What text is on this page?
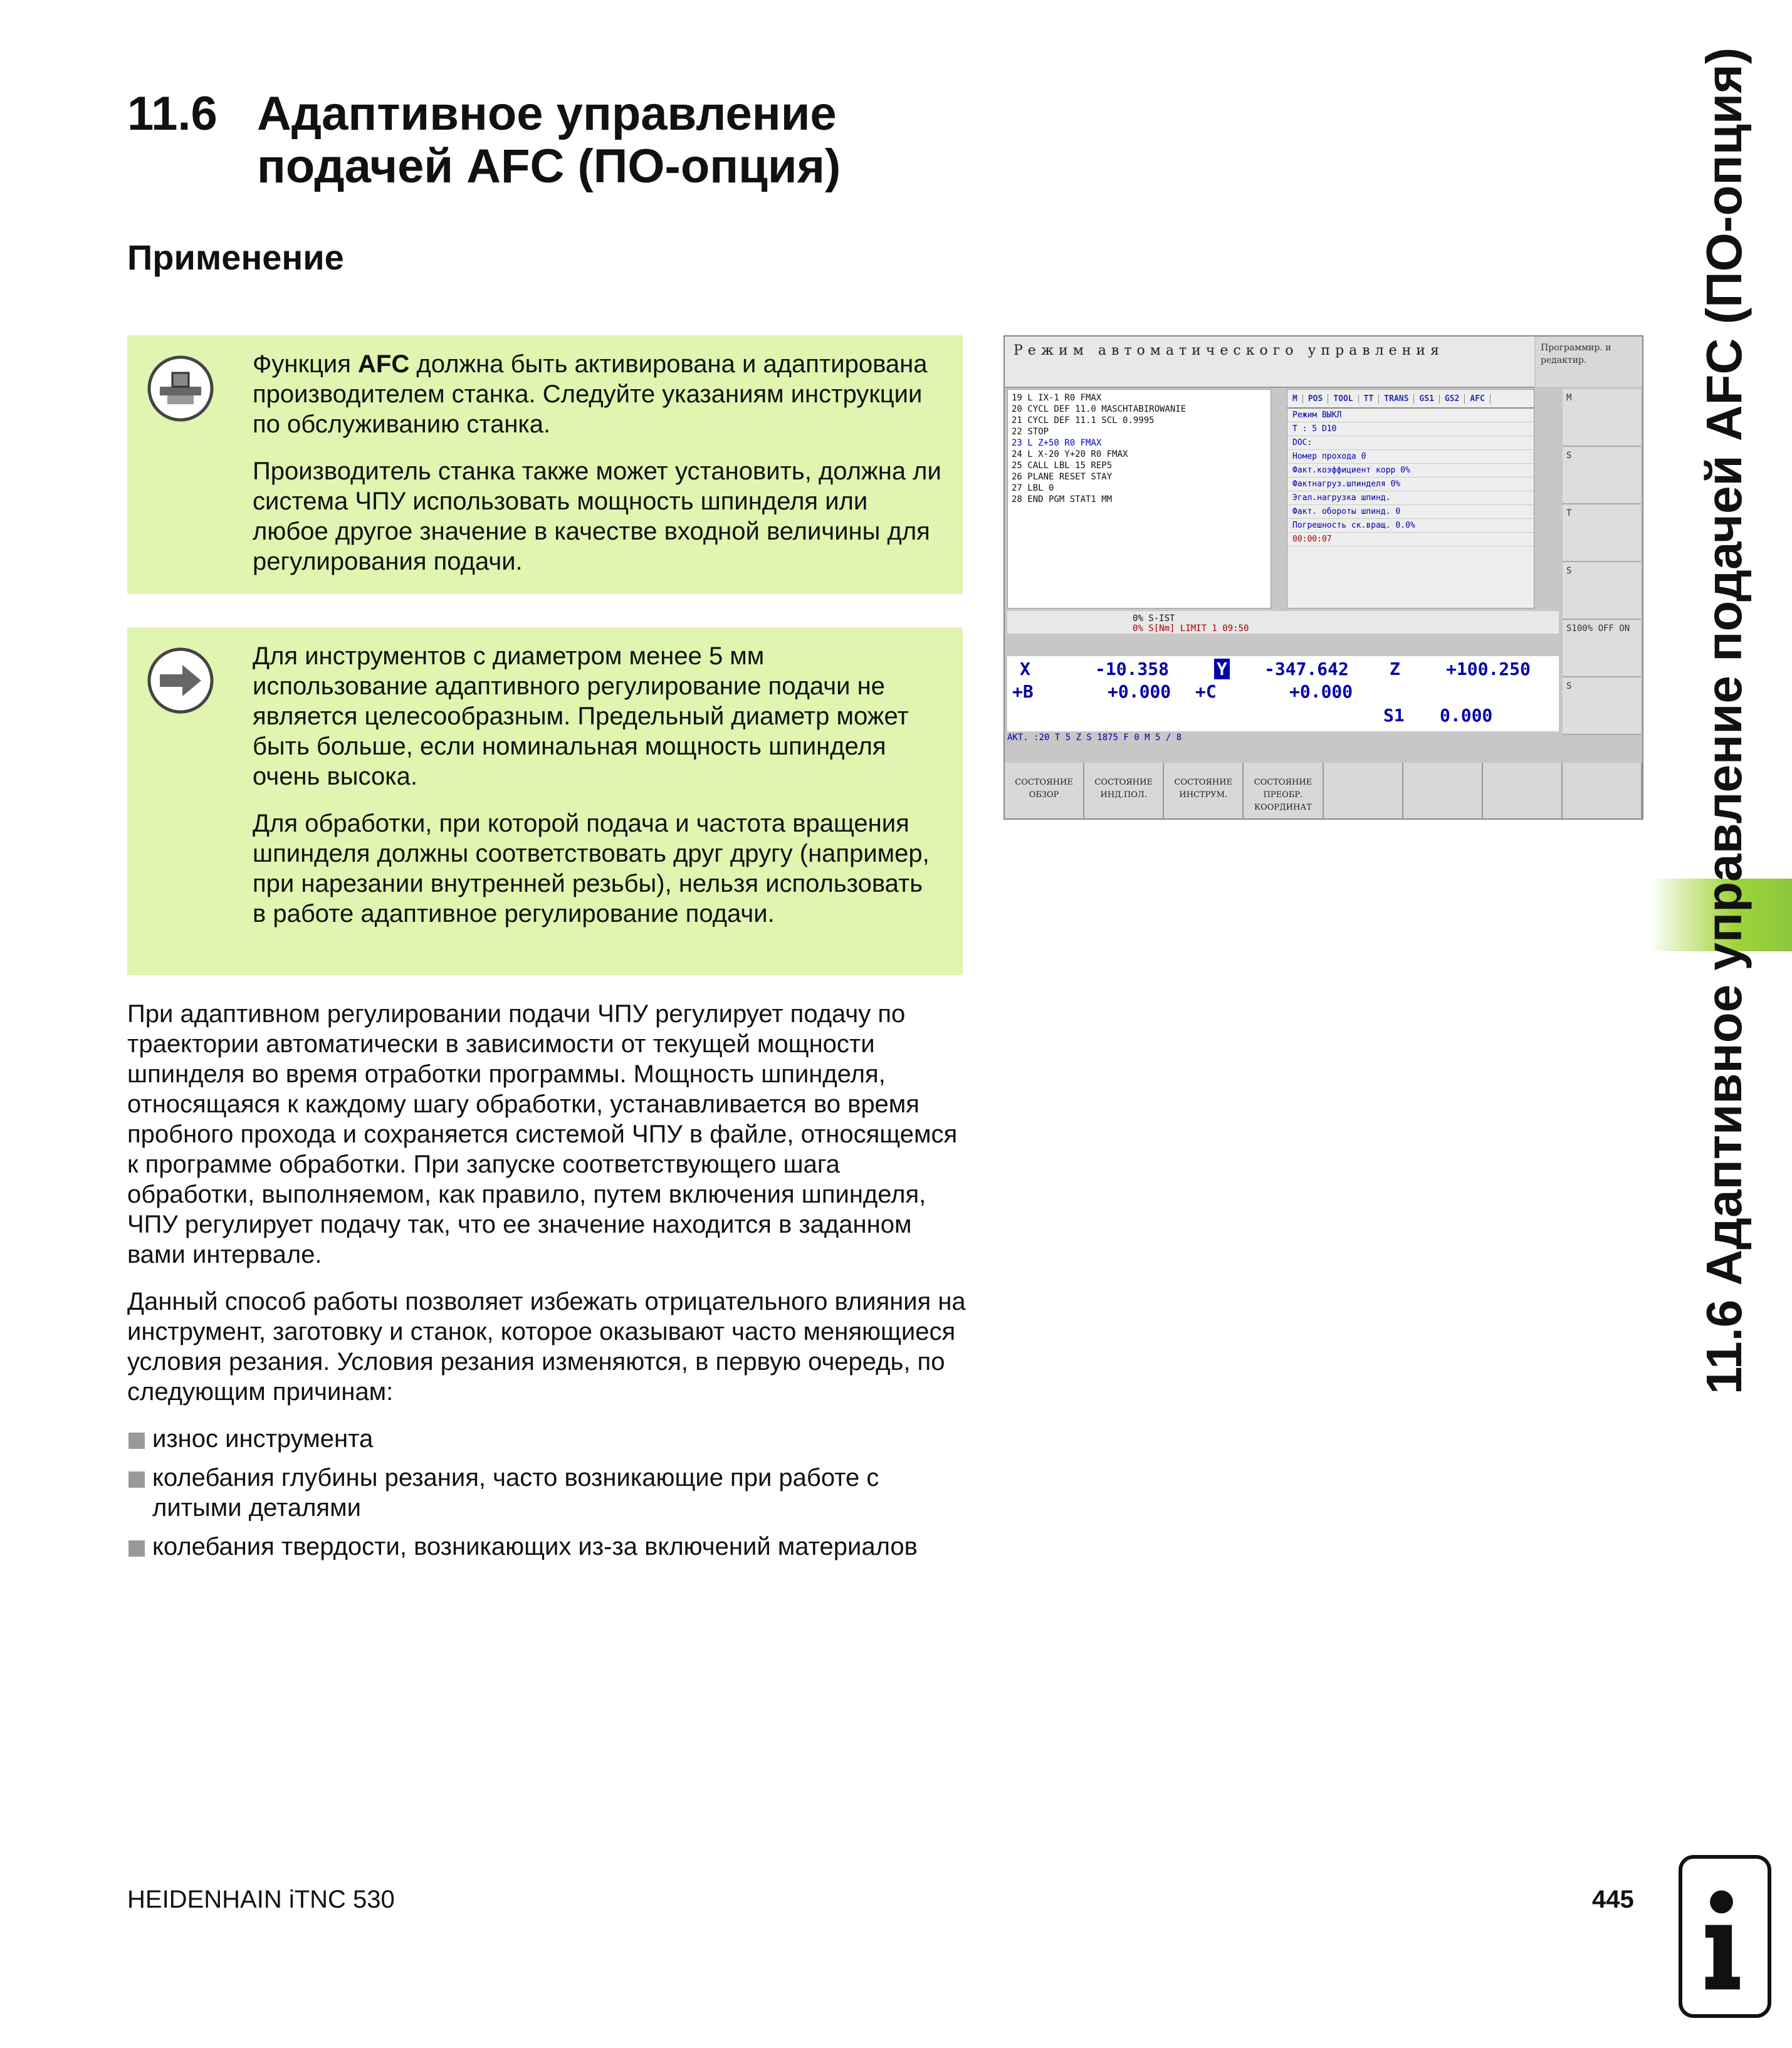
11.6 Адаптивное управление
подачей AFC (ПО-опция)
Применение

Функция AFC должна быть активирована и адаптирована производителем станка. Следуйте указаниям инструкции по обслуживанию станка.

Производитель станка также может установить, должна ли система ЧПУ использовать мощность шпинделя или любое другое значение в качестве входной величины для регулирования подачи.

Для инструментов с диаметром менее 5 мм использование адаптивного регулирование подачи не является целесообразным. Предельный диаметр может быть больше, если номинальная мощность шпинделя очень высока.

Для обработки, при которой подача и частота вращения шпинделя должны соответствовать друг другу (например, при нарезании внутренней резьбы), нельзя использовать в работе адаптивное регулирование подачи.

При адаптивном регулировании подачи ЧПУ регулирует подачу по траектории автоматически в зависимости от текущей мощности шпинделя во время отработки программы. Мощность шпинделя, относящаяся к каждому шагу обработки, устанавливается во время пробного прохода и сохраняется системой ЧПУ в файле, относящемся к программе обработки. При запуске соответствующего шага обработки, выполняемом, как правило, путем включения шпинделя, ЧПУ регулирует подачу так, что ее значение находится в заданном вами интервале.

Данный способ работы позволяет избежать отрицательного влияния на инструмент, заготовку и станок, которое оказывают часто меняющиеся условия резания. Условия резания изменяются, в первую очередь, по следующим причинам:

износ инструмента
колебания глубины резания, часто возникающие при работе с литыми деталями
колебания твердости, возникающих из-за включений материалов
Режим автоматического управления	Программир. и редактир.
19 L IX-1 R0 FMAX
20 CYCL DEF 11.0 MASCHTABIROWANIE
21 CYCL DEF 11.1 SCL 0.9995
22 STOP
23 L Z+50 R0 FMAX
24 L X-20 Y+20 R0 FMAX
25 CALL LBL 15 REP5
26 PLANE RESET STAY
27 LBL 0
28 END PGM STAT1 MM
M	POS	TOOL	TT	TRANS	GS1	GS2	AFC
Режим ВЫКЛ
T : 5 D10
DOC:
Номер прохода 0
Факт.коэффициент корр 0%
Фактнагруз.шпинделя 0%
Эгал.нагрузка шпинд.
Факт. обороты шпинд. 0
Погрешность ск.вращ. 0.0%
00:00:07
M
S
T
S
S100% OFF ON
S
0% S-IST
0% S[Nm] LIMIT 1 09:50
X	-10.358	Y -347.642 Z	+100.250
+B	+0.000 +C	+0.000
S1 0.000
АКТ. :20 T 5 Z S 1875 F 0 M 5 / 8
СОСТОЯНИЕ ОБЗОР
СОСТОЯНИЕ ИНД.ПОЛ.
СОСТОЯНИЕ ИНСТРУМ.
СОСТОЯНИЕ ПРЕОБР. КООРДИНАТ	11.6 Адаптивное управление подачей AFC (ПО-опция)
HEIDENHAIN iTNC 530	445
